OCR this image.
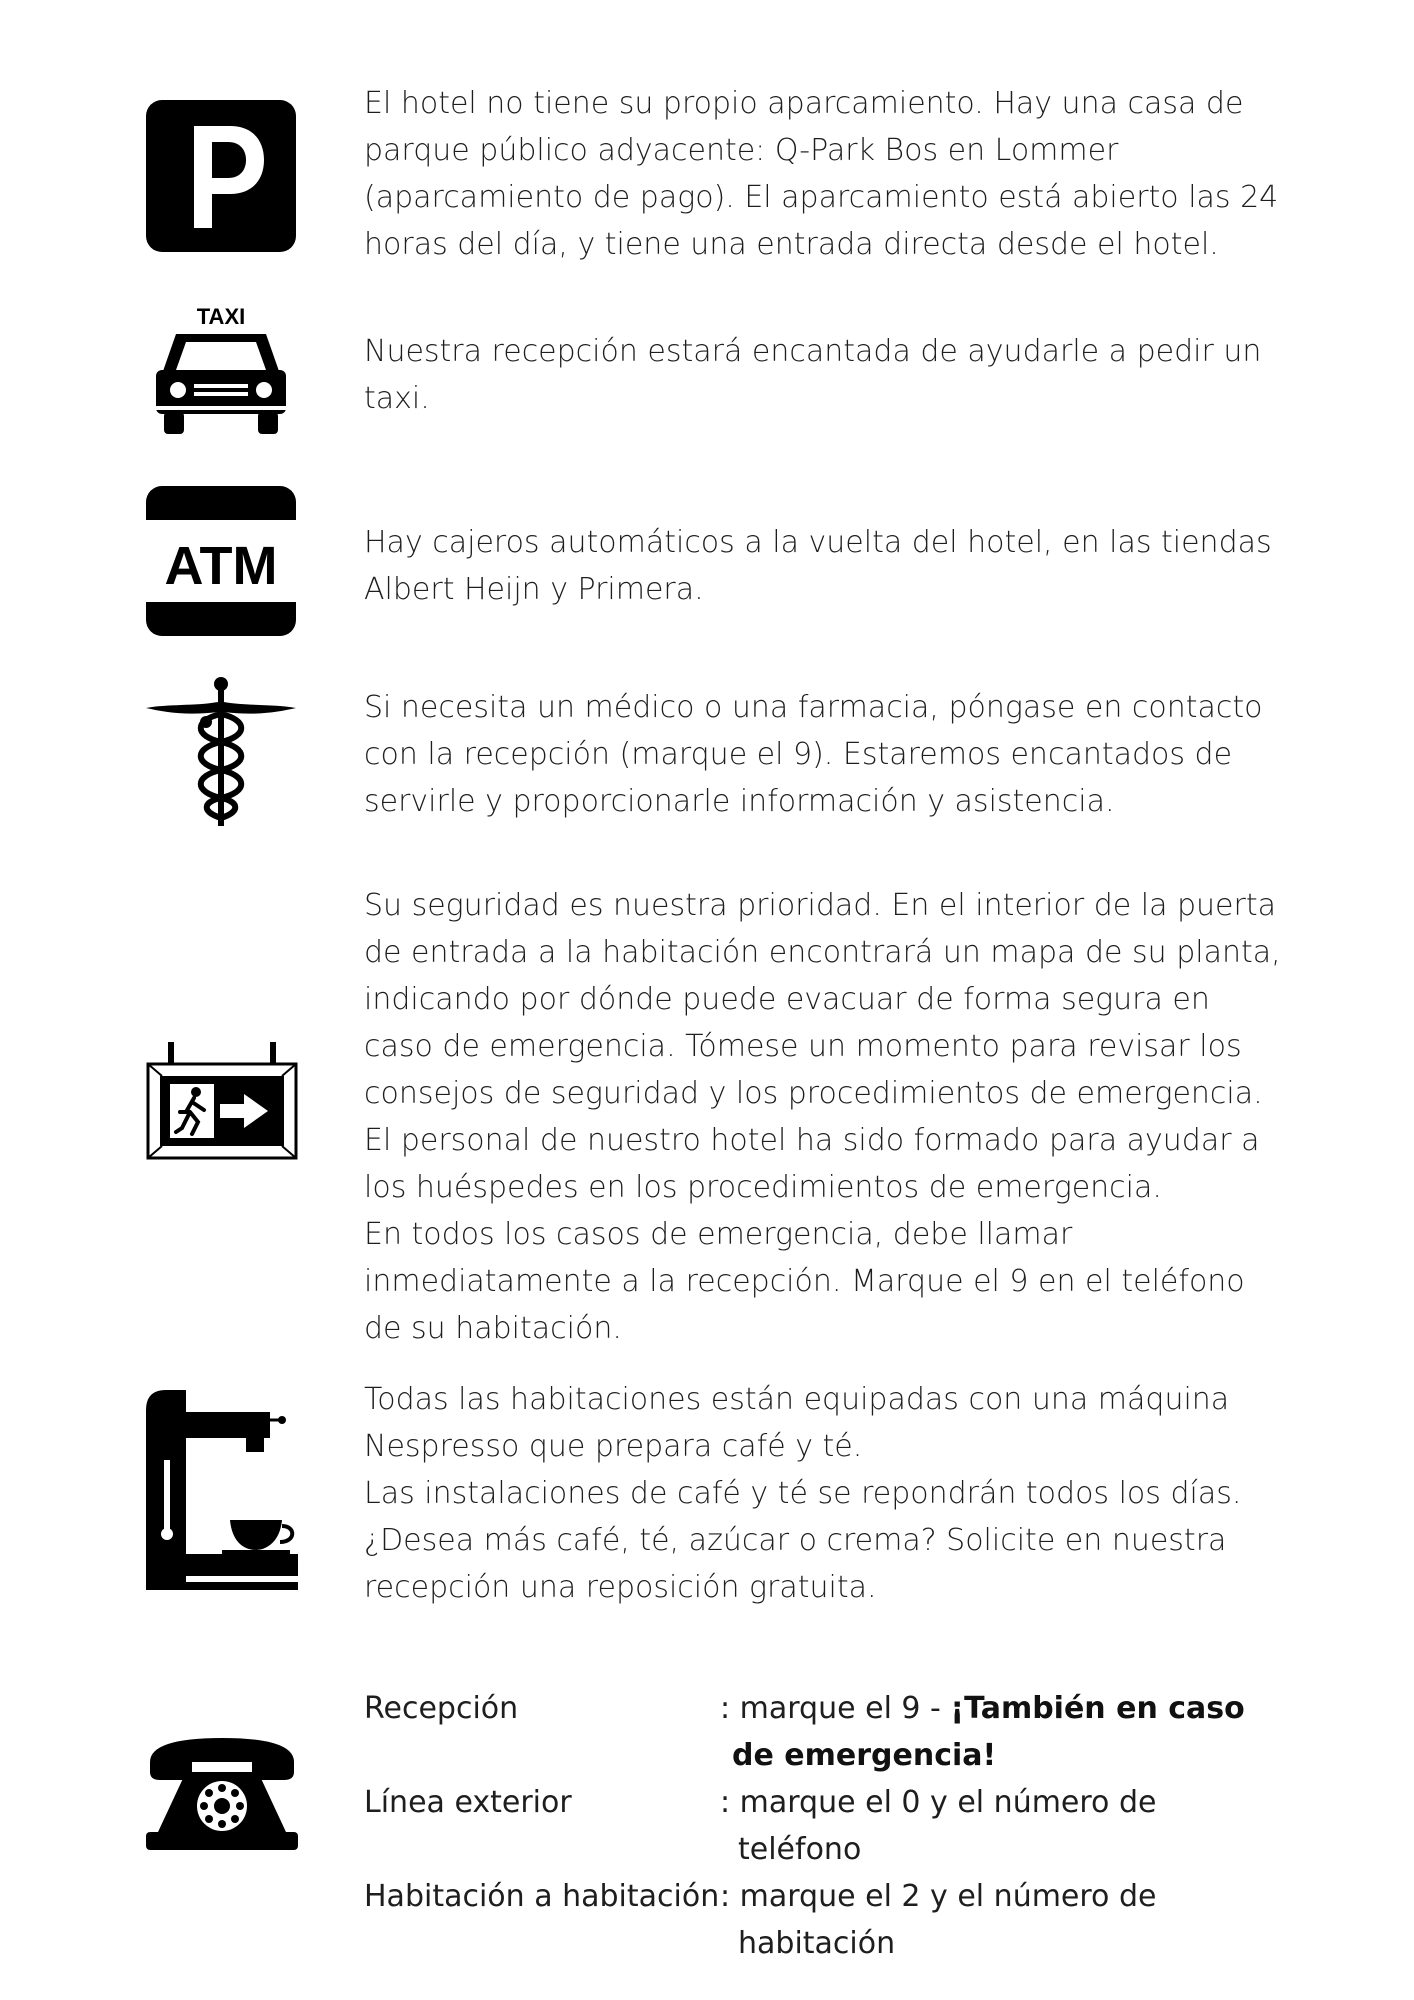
El hotel no tiene su propio aparcamiento. Hay una casa de
parque público adyacente: Q-Park Bos en Lommer
(aparcamiento de pago). El aparcamiento está abierto las 24
horas del día, y tiene una entrada directa desde el hotel.
TAXI
Nuestra recepción estará encantada de ayudarle a pedir un
taxi.
ATM	Hay cajeros automáticos a la vuelta del hotel, en las tiendas
Albert Heijn y Primera.
Si necesita un médico o una farmacia, póngase en contacto
con la recepción (marque el 9). Estaremos encantados de
servirle y proporcionarle información y asistencia.
Su seguridad es nuestra prioridad. En el interior de la puerta
de entrada a la habitación encontrará un mapa de su planta,
indicando por dónde puede evacuar de forma segura en
caso de emergencia. Tómese un momento para revisar los
consejos de seguridad y los procedimientos de emergencia.
El personal de nuestro hotel ha sido formado para ayudar a
los huéspedes en los procedimientos de emergencia.
En todos los casos de emergencia, debe llamar
inmediatamente a la recepción. Marque el 9 en el teléfono
de su habitación.
Todas las habitaciones están equipadas con una máquina
Nespresso que prepara café y té.
Las instalaciones de café y té se repondrán todos los días.
¿Desea más café, té, azúcar o crema? Solicite en nuestra
recepción una reposición gratuita.
Recepción	: marque el 9 - ¡También en caso
de emergencia!
Línea exterior	: marque el 0 y el número de
teléfono
Habitación a habitación : marque el 2 y el número de
habitación
